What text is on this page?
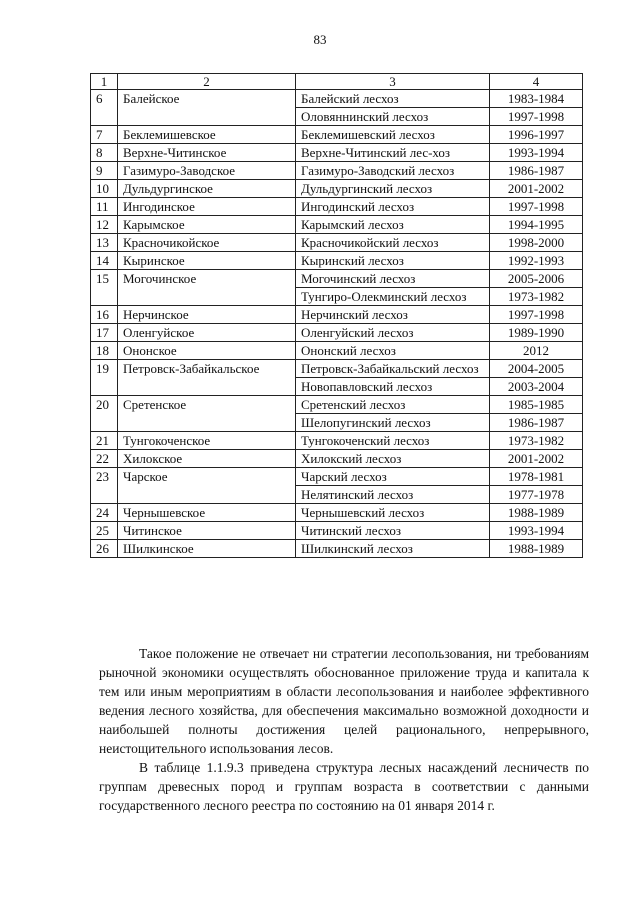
83
1	2	3	4
6	Балейское	Балейский лесхоз	1983-1984
		Оловяннинский лесхоз	1997-1998
7	Беклемишевское	Беклемишевский лесхоз	1996-1997
8	Верхне-Читинское	Верхне-Читинский лес-хоз	1993-1994
9	Газимуро-Заводское	Газимуро-Заводский лесхоз	1986-1987
10	Дульдургинское	Дульдургинский лесхоз	2001-2002
11	Ингодинское	Ингодинский лесхоз	1997-1998
12	Карымское	Карымский лесхоз	1994-1995
13	Красночикойское	Красночикойский лесхоз	1998-2000
14	Кыринское	Кыринский лесхоз	1992-1993
15	Могочинское	Могочинский лесхоз	2005-2006
		Тунгиро-Олекминский лесхоз	1973-1982
16	Нерчинское	Нерчинский лесхоз	1997-1998
17	Оленгуйское	Оленгуйский лесхоз	1989-1990
18	Ононское	Ононский лесхоз	2012
19	Петровск-Забайкальское	Петровск-Забайкальский лесхоз	2004-2005
		Новопавловский лесхоз	2003-2004
20	Сретенское	Сретенский лесхоз	1985-1985
		Шелопугинский лесхоз	1986-1987
21	Тунгокоченское	Тунгокоченский лесхоз	1973-1982
22	Хилокское	Хилокский лесхоз	2001-2002
23	Чарское	Чарский лесхоз	1978-1981
		Нелятинский лесхоз	1977-1978
24	Чернышевское	Чернышевский лесхоз	1988-1989
25	Читинское	Читинский лесхоз	1993-1994
26	Шилкинское	Шилкинский лесхоз	1988-1989

Такое положение не отвечает ни стратегии лесопользования, ни требованиям рыночной экономики осуществлять обоснованное приложение труда и капитала к тем или иным мероприятиям в области лесопользования и наиболее эффективного ведения лесного хозяйства, для обеспечения максимально возможной доходности и наибольшей полноты достижения целей рационального, непрерывного, неистощительного использования лесов.

В таблице 1.1.9.3 приведена структура лесных насаждений лесничеств по группам древесных пород и группам возраста в соответствии с данными государственного лесного реестра по состоянию на 01 января 2014 г.
